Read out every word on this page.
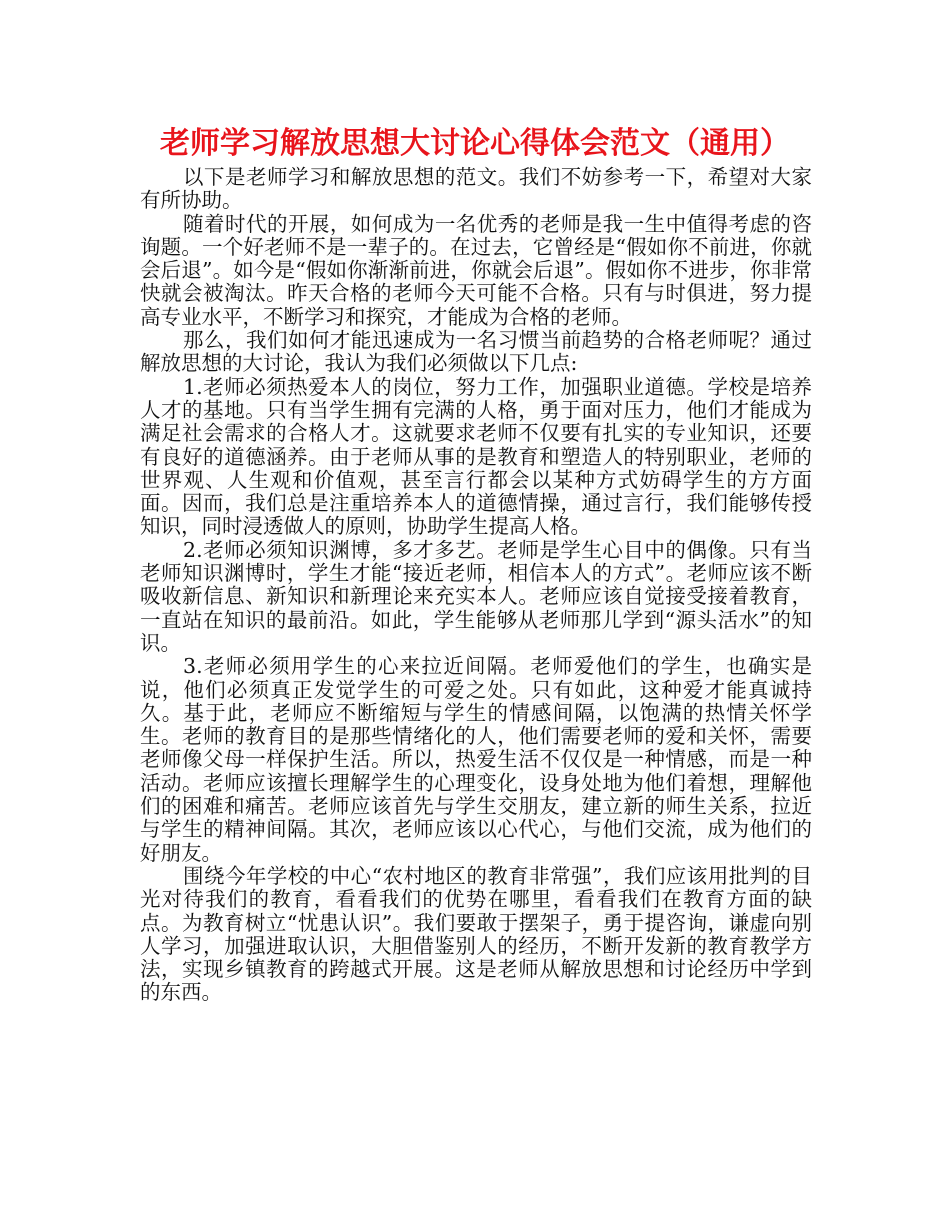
老师学习解放思想大讨论心得体会范文（通用）

以下是老师学习和解放思想的范文。我们不妨参考一下，希望对大家有所协助。

随着时代的开展，如何成为一名优秀的老师是我一生中值得考虑的咨询题。一个好老师不是一辈子的。在过去，它曾经是“假如你不前进，你就会后退”。如今是“假如你渐渐前进，你就会后退”。假如你不进步，你非常快就会被淘汰。昨天合格的老师今天可能不合格。只有与时俱进，努力提高专业水平，不断学习和探究，才能成为合格的老师。

那么，我们如何才能迅速成为一名习惯当前趋势的合格老师呢？通过解放思想的大讨论，我认为我们必须做以下几点:

1.老师必须热爱本人的岗位，努力工作，加强职业道德。学校是培养人才的基地。只有当学生拥有完满的人格，勇于面对压力，他们才能成为满足社会需求的合格人才。这就要求老师不仅要有扎实的专业知识，还要有良好的道德涵养。由于老师从事的是教育和塑造人的特别职业，老师的世界观、人生观和价值观，甚至言行都会以某种方式妨碍学生的方方面面。因而，我们总是注重培养本人的道德情操，通过言行，我们能够传授知识，同时浸透做人的原则，协助学生提高人格。

2.老师必须知识渊博，多才多艺。老师是学生心目中的偶像。只有当老师知识渊博时，学生才能“接近老师，相信本人的方式”。老师应该不断吸收新信息、新知识和新理论来充实本人。老师应该自觉接受接着教育，一直站在知识的最前沿。如此，学生能够从老师那儿学到“源头活水”的知识。

3.老师必须用学生的心来拉近间隔。老师爱他们的学生，也确实是说，他们必须真正发觉学生的可爱之处。只有如此，这种爱才能真诚持久。基于此，老师应不断缩短与学生的情感间隔，以饱满的热情关怀学生。老师的教育目的是那些情绪化的人，他们需要老师的爱和关怀，需要老师像父母一样保护生活。所以，热爱生活不仅仅是一种情感，而是一种活动。老师应该擅长理解学生的心理变化，设身处地为他们着想，理解他们的困难和痛苦。老师应该首先与学生交朋友，建立新的师生关系，拉近与学生的精神间隔。其次，老师应该以心代心，与他们交流，成为他们的好朋友。

围绕今年学校的中心“农村地区的教育非常强”，我们应该用批判的目光对待我们的教育，看看我们的优势在哪里，看看我们在教育方面的缺点。为教育树立“忧患认识”。我们要敢于摆架子，勇于提咨询，谦虚向别人学习，加强进取认识，大胆借鉴别人的经历，不断开发新的教育教学方法，实现乡镇教育的跨越式开展。这是老师从解放思想和讨论经历中学到的东西。
